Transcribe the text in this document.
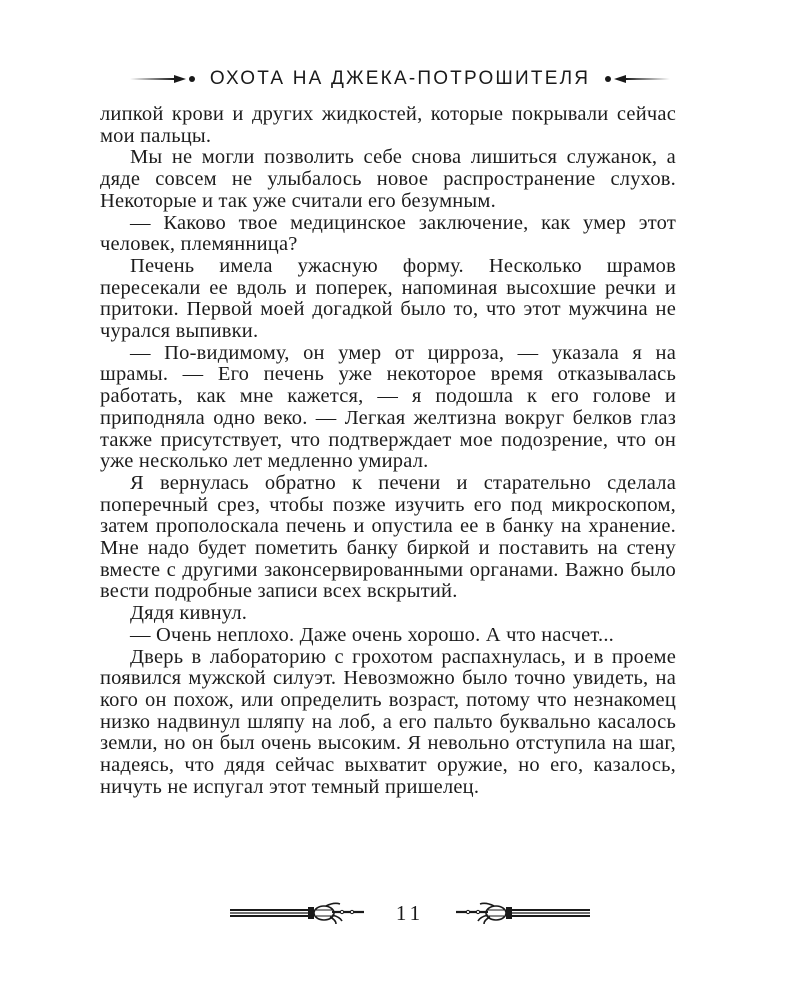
ОХОТА НА ДЖЕКА-ПОТРОШИТЕЛЯ

липкой крови и других жидкостей, которые покрывали сейчас мои пальцы.

Мы не могли позволить себе снова лишиться служанок, а дяде совсем не улыбалось новое распространение слухов. Некоторые и так уже считали его безумным.

— Каково твое медицинское заключение, как умер этот человек, племянница?

Печень имела ужасную форму. Несколько шрамов пересекали ее вдоль и поперек, напоминая высохшие речки и притоки. Первой моей догадкой было то, что этот мужчина не чурался выпивки.

— По-видимому, он умер от цирроза, — указала я на шрамы. — Его печень уже некоторое время отказывалась работать, как мне кажется, — я подошла к его голове и приподняла одно веко. — Легкая желтизна вокруг белков глаз также присутствует, что подтверждает мое подозрение, что он уже несколько лет медленно умирал.

Я вернулась обратно к печени и старательно сделала поперечный срез, чтобы позже изучить его под микроскопом, затем прополоскала печень и опустила ее в банку на хранение. Мне надо будет пометить банку биркой и поставить на стену вместе с другими законсервированными органами. Важно было вести подробные записи всех вскрытий.

Дядя кивнул.

— Очень неплохо. Даже очень хорошо. А что насчет...

Дверь в лабораторию с грохотом распахнулась, и в проеме появился мужской силуэт. Невозможно было точно увидеть, на кого он похож, или определить возраст, потому что незнакомец низко надвинул шляпу на лоб, а его пальто буквально касалось земли, но он был очень высоким. Я невольно отступила на шаг, надеясь, что дядя сейчас выхватит оружие, но его, казалось, ничуть не испугал этот темный пришелец.

11
